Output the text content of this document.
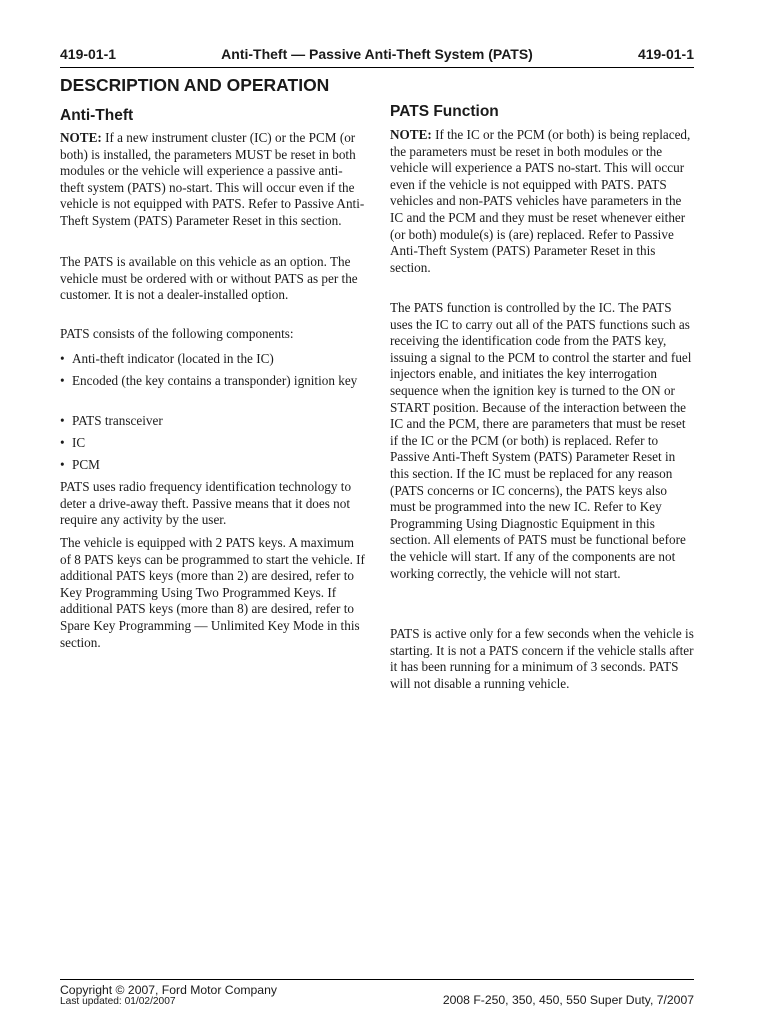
419-01-1	Anti-Theft — Passive Anti-Theft System (PATS)	419-01-1
DESCRIPTION AND OPERATION
Anti-Theft
NOTE: If a new instrument cluster (IC) or the PCM (or both) is installed, the parameters MUST be reset in both modules or the vehicle will experience a passive anti-theft system (PATS) no-start. This will occur even if the vehicle is not equipped with PATS. Refer to Passive Anti-Theft System (PATS) Parameter Reset in this section.
The PATS is available on this vehicle as an option. The vehicle must be ordered with or without PATS as per the customer. It is not a dealer-installed option.
PATS consists of the following components:
• Anti-theft indicator (located in the IC)
• Encoded (the key contains a transponder) ignition key
• PATS transceiver
• IC
• PCM
PATS uses radio frequency identification technology to deter a drive-away theft. Passive means that it does not require any activity by the user.
The vehicle is equipped with 2 PATS keys. A maximum of 8 PATS keys can be programmed to start the vehicle. If additional PATS keys (more than 2) are desired, refer to Key Programming Using Two Programmed Keys. If additional PATS keys (more than 8) are desired, refer to Spare Key Programming — Unlimited Key Mode in this section.
PATS Function
NOTE: If the IC or the PCM (or both) is being replaced, the parameters must be reset in both modules or the vehicle will experience a PATS no-start. This will occur even if the vehicle is not equipped with PATS. PATS vehicles and non-PATS vehicles have parameters in the IC and the PCM and they must be reset whenever either (or both) module(s) is (are) replaced. Refer to Passive Anti-Theft System (PATS) Parameter Reset in this section.
The PATS function is controlled by the IC. The PATS uses the IC to carry out all of the PATS functions such as receiving the identification code from the PATS key, issuing a signal to the PCM to control the starter and fuel injectors enable, and initiates the key interrogation sequence when the ignition key is turned to the ON or START position. Because of the interaction between the IC and the PCM, there are parameters that must be reset if the IC or the PCM (or both) is replaced. Refer to Passive Anti-Theft System (PATS) Parameter Reset in this section. If the IC must be replaced for any reason (PATS concerns or IC concerns), the PATS keys also must be programmed into the new IC. Refer to Key Programming Using Diagnostic Equipment in this section. All elements of PATS must be functional before the vehicle will start. If any of the components are not working correctly, the vehicle will not start.
PATS is active only for a few seconds when the vehicle is starting. It is not a PATS concern if the vehicle stalls after it has been running for a minimum of 3 seconds. PATS will not disable a running vehicle.
Copyright © 2007, Ford Motor Company
Last updated: 01/02/2007	2008 F-250, 350, 450, 550 Super Duty, 7/2007
